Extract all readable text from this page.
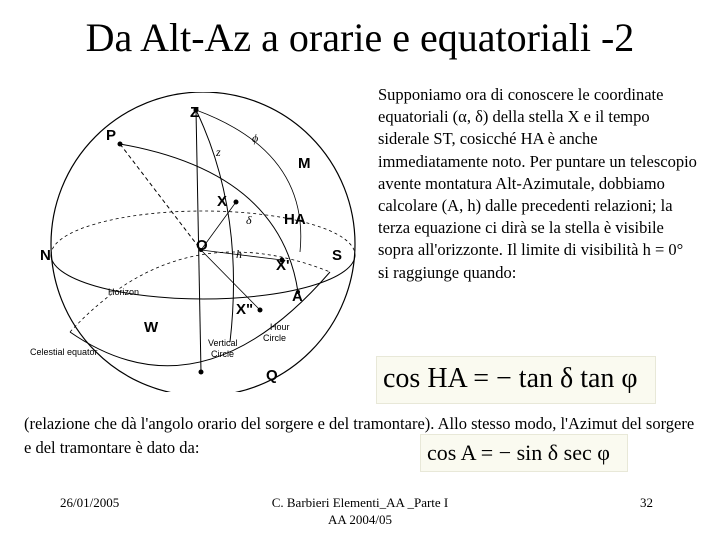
Da Alt-Az a orarie e equatoriali -2
Z
P
M
X
HA
O
N	S
X'
A
X"
W
Q
z
ϕ
δ
h
Horizon
Celestial equator
Hour
Circle
Vertical
Circle
Supponiamo ora di conoscere le coordinate equatoriali (α, δ) della stella X e il tempo siderale ST, cosicché HA è anche immediatamente noto. Per puntare un telescopio avente montatura Alt-Azimutale, dobbiamo calcolare (A, h) dalle precedenti relazioni; la terza equazione ci dirà se la stella è visibile sopra all'orizzonte. Il limite di visibilità h = 0° si raggiunge quando:
cos HA = − tan δ tan φ
(relazione che dà l'angolo orario del sorgere e del tramontare). Allo stesso modo, l'Azimut del sorgere e del tramontare è dato da:	cos A = − sin δ sec φ
26/01/2005	C. Barbieri Elementi_AA _Parte I
AA 2004/05
32
